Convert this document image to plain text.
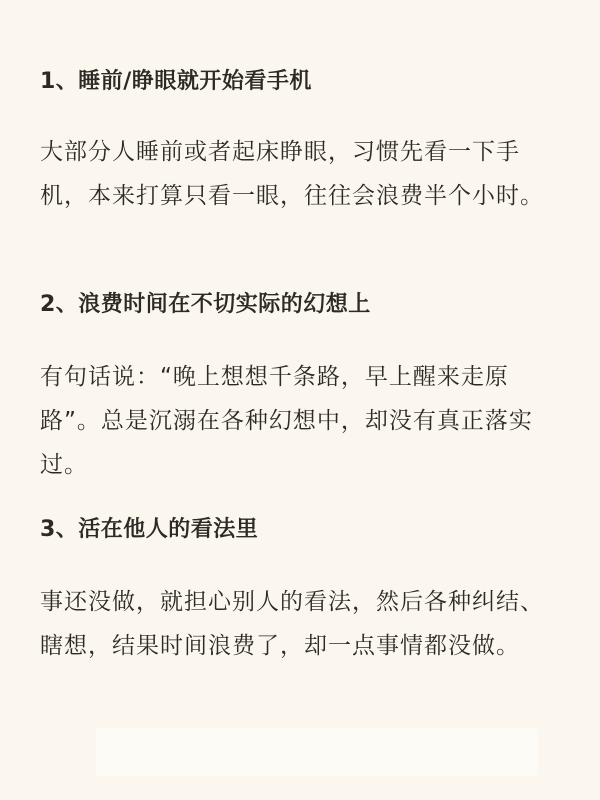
1、睡前/睁眼就开始看手机

大部分人睡前或者起床睁眼，习惯先看一下手机，本来打算只看一眼，往往会浪费半个小时。

2、浪费时间在不切实际的幻想上

有句话说：“晚上想想千条路，早上醒来走原路”。总是沉溺在各种幻想中，却没有真正落实过。

3、活在他人的看法里

事还没做，就担心别人的看法，然后各种纠结、瞎想，结果时间浪费了，却一点事情都没做。
